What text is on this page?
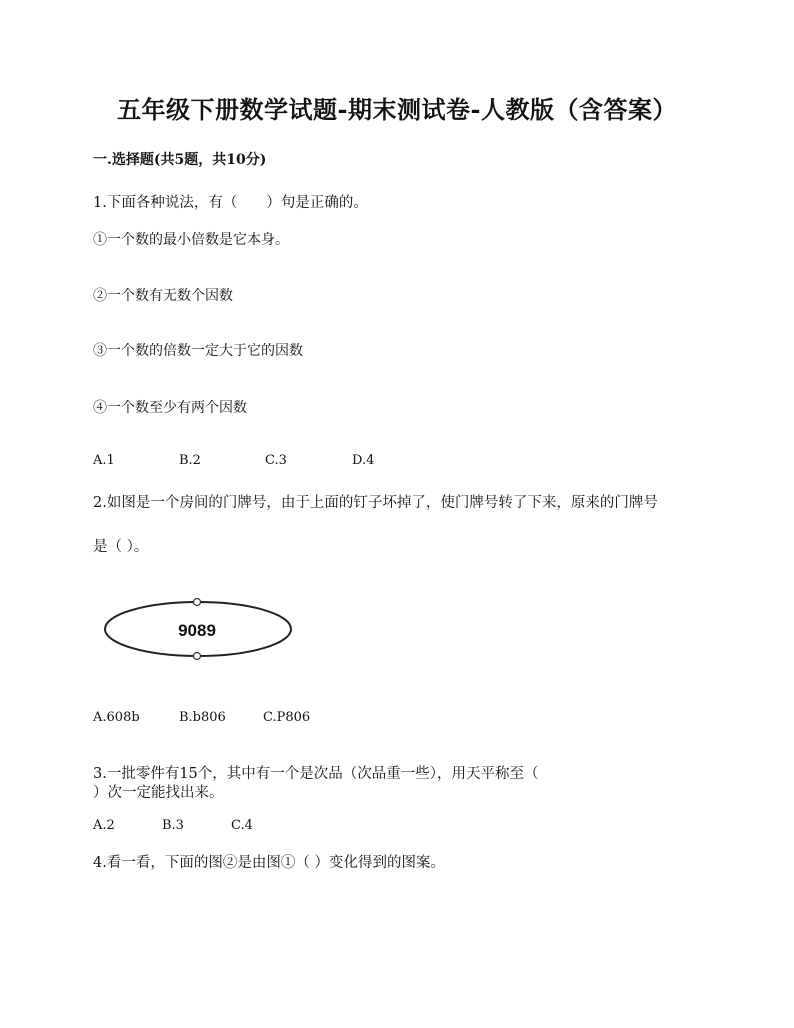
五年级下册数学试题-期末测试卷-人教版（含答案）
一.选择题(共5题，共10分)
1.下面各种说法，有（　　）句是正确的。
①一个数的最小倍数是它本身。
②一个数有无数个因数
③一个数的倍数一定大于它的因数
④一个数至少有两个因数
A.1	B.2	C.3	D.4
2.如图是一个房间的门牌号，由于上面的钉子坏掉了，使门牌号转了下来，原来的门牌号
是（ ）。
9089
A.608b	B.b806	C.P806
3.一批零件有15个，其中有一个是次品（次品重一些），用天平称至（
）次一定能找出来。
A.2	B.3	C.4
4.看一看，下面的图②是由图①（ ）变化得到的图案。
